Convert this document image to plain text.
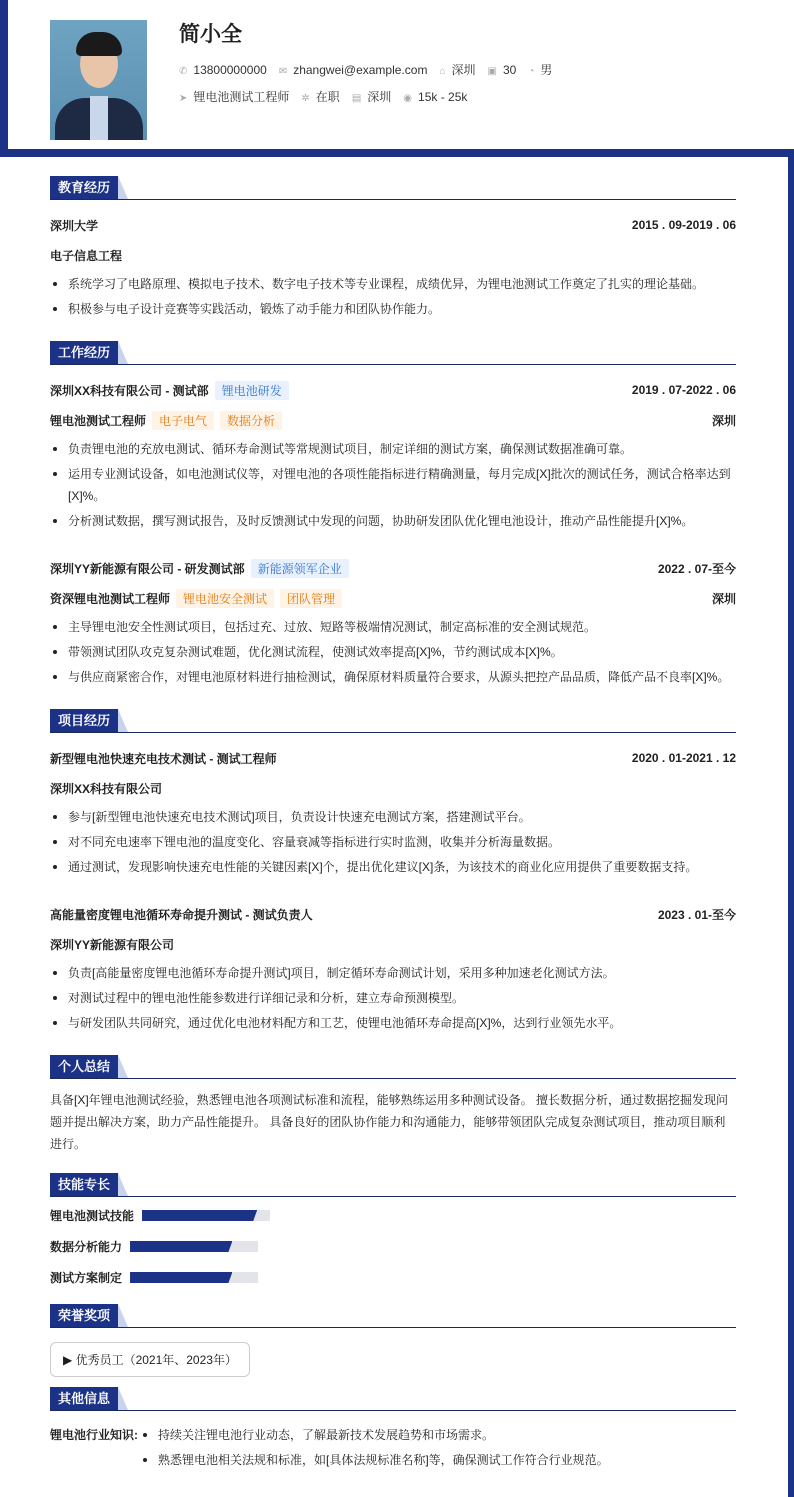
简小全
✆ 13800000000 ✉ zhangwei@example.com ⌂ 深圳 ▣ 30 ◔ 男
➤ 锂电池测试工程师 ✲ 在职 ▤ 深圳 ◉ 15k - 25k
教育经历
深圳大学	2015 . 09-2019 . 06
电子信息工程
系统学习了电路原理、模拟电子技术、数字电子技术等专业课程，成绩优异，为锂电池测试工作奠定了扎实的理论基础。
积极参与电子设计竞赛等实践活动，锻炼了动手能力和团队协作能力。
工作经历
深圳XX科技有限公司 - 测试部 锂电池研发	2019 . 07-2022 . 06
锂电池测试工程师 电子电气 数据分析	深圳
负责锂电池的充放电测试、循环寿命测试等常规测试项目，制定详细的测试方案，确保测试数据准确可靠。
运用专业测试设备，如电池测试仪等，对锂电池的各项性能指标进行精确测量，每月完成[X]批次的测试任务，测试合格率达到[X]%。
分析测试数据，撰写测试报告，及时反馈测试中发现的问题，协助研发团队优化锂电池设计，推动产品性能提升[X]%。
深圳YY新能源有限公司 - 研发测试部 新能源领军企业	2022 . 07-至今
资深锂电池测试工程师 锂电池安全测试 团队管理	深圳
主导锂电池安全性测试项目，包括过充、过放、短路等极端情况测试，制定高标准的安全测试规范。
带领测试团队攻克复杂测试难题，优化测试流程，使测试效率提高[X]%，节约测试成本[X]%。
与供应商紧密合作，对锂电池原材料进行抽检测试，确保原材料质量符合要求，从源头把控产品品质，降低产品不良率[X]%。
项目经历
新型锂电池快速充电技术测试 - 测试工程师	2020 . 01-2021 . 12
深圳XX科技有限公司
参与[新型锂电池快速充电技术测试]项目，负责设计快速充电测试方案，搭建测试平台。
对不同充电速率下锂电池的温度变化、容量衰减等指标进行实时监测，收集并分析海量数据。
通过测试，发现影响快速充电性能的关键因素[X]个，提出优化建议[X]条，为该技术的商业化应用提供了重要数据支持。
高能量密度锂电池循环寿命提升测试 - 测试负责人	2023 . 01-至今
深圳YY新能源有限公司
负责[高能量密度锂电池循环寿命提升测试]项目，制定循环寿命测试计划，采用多种加速老化测试方法。
对测试过程中的锂电池性能参数进行详细记录和分析，建立寿命预测模型。
与研发团队共同研究，通过优化电池材料配方和工艺，使锂电池循环寿命提高[X]%，达到行业领先水平。
个人总结

具备[X]年锂电池测试经验，熟悉锂电池各项测试标准和流程，能够熟练运用多种测试设备。 擅长数据分析，通过数据挖掘发现问题并提出解决方案，助力产品性能提升。 具备良好的团队协作能力和沟通能力，能够带领团队完成复杂测试项目，推动项目顺利进行。

技能专长
锂电池测试技能
数据分析能力
测试方案制定
荣誉奖项
▶ 优秀员工（2021年、2023年）
其他信息
锂电池行业知识:	持续关注锂电池行业动态，了解最新技术发展趋势和市场需求。
熟悉锂电池相关法规和标准，如[具体法规标准名称]等，确保测试工作符合行业规范。
